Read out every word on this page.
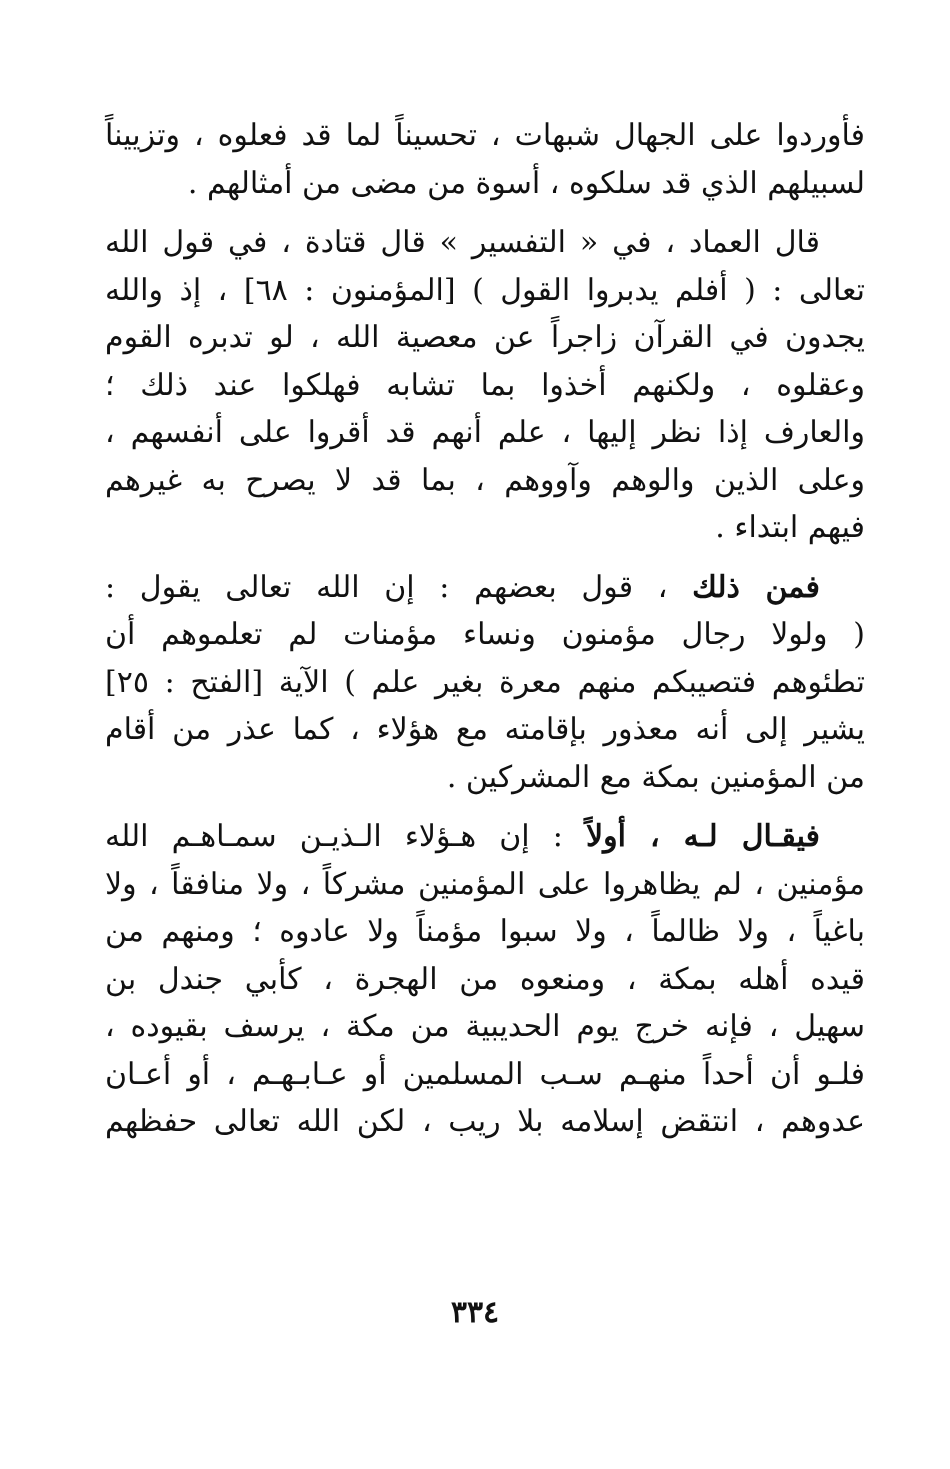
فأوردوا على الجهال شبهات ، تحسيناً لما قد فعلوه ، وتزييناً
لسبيلهم الذي قد سلكوه ، أسوة من مضى من أمثالهم .

قال العماد ، في « التفسير » قال قتادة ، في قول الله
تعالى : ( أفلم يدبروا القول ) [المؤمنون : ٦٨] ، إذ والله
يجدون في القرآن زاجراً عن معصية الله ، لو تدبره القوم
وعقلوه ، ولكنهم أخذوا بما تشابه فهلكوا عند ذلك ؛
والعارف إذا نظر إليها ، علم أنهم قد أقروا على أنفسهم ،
وعلى الذين والوهم وآووهم ، بما قد لا يصرح به غيرهم
فيهم ابتداء .

فمن ذلك ، قول بعضهم : إن الله تعالى يقول :
( ولولا رجال مؤمنون ونساء مؤمنات لم تعلموهم أن
تطئوهم فتصيبكم منهم معرة بغير علم ) الآية [الفتح : ٢٥]
يشير إلى أنه معذور بإقامته مع هؤلاء ، كما عذر من أقام
من المؤمنين بمكة مع المشركين .

فيقـال لـه ، أولاً : إن هـؤلاء الـذيـن سمـاهـم الله
مؤمنين ، لم يظاهروا على المؤمنين مشركاً ، ولا منافقاً ، ولا
باغياً ، ولا ظالماً ، ولا سبوا مؤمناً ولا عادوه ؛ ومنهم من
قيده أهله بمكة ، ومنعوه من الهجرة ، كأبي جندل بن
سهيل ، فإنه خرج يوم الحديبية من مكة ، يرسف بقيوده ،
فلـو أن أحداً منهـم سـب المسلمين أو عـابـهـم ، أو أعـان
عدوهم ، انتقض إسلامه بلا ريب ، لكن الله تعالى حفظهم

٣٣٤
